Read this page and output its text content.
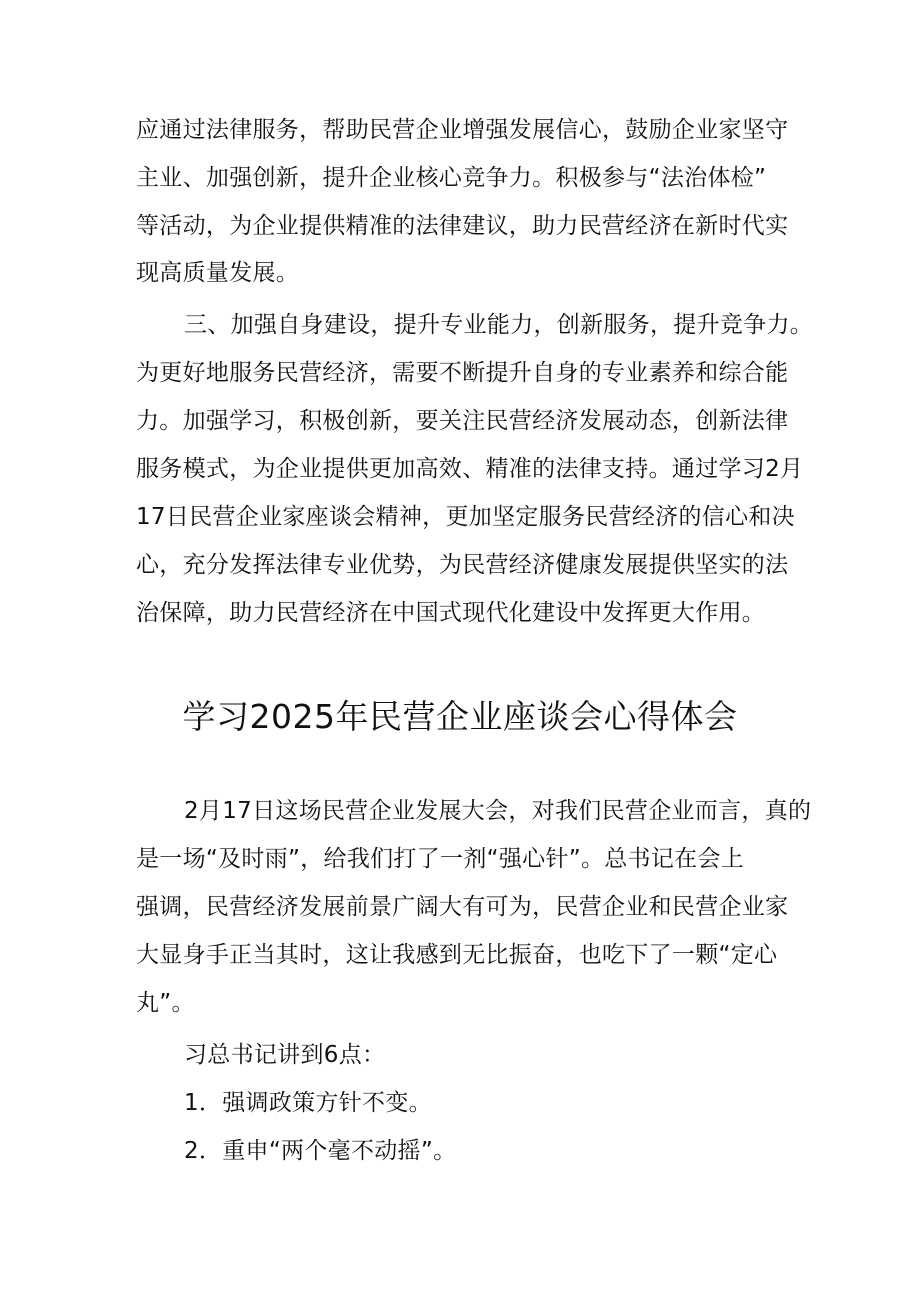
应通过法律服务，帮助民营企业增强发展信心，鼓励企业家坚守
主业、加强创新，提升企业核心竞争力。积极参与“法治体检”
等活动，为企业提供精准的法律建议，助力民营经济在新时代实
现高质量发展。
三、加强自身建设，提升专业能力，创新服务，提升竞争力。
为更好地服务民营经济，需要不断提升自身的专业素养和综合能
力。加强学习，积极创新，要关注民营经济发展动态，创新法律
服务模式，为企业提供更加高效、精准的法律支持。通过学习2月
17日民营企业家座谈会精神，更加坚定服务民营经济的信心和决
心，充分发挥法律专业优势，为民营经济健康发展提供坚实的法
治保障，助力民营经济在中国式现代化建设中发挥更大作用。
学习2025年民营企业座谈会心得体会
2月17日这场民营企业发展大会，对我们民营企业而言，真的
是一场“及时雨”，给我们打了一剂“强心针”。总书记在会上
强调，民营经济发展前景广阔大有可为，民营企业和民营企业家
大显身手正当其时，这让我感到无比振奋，也吃下了一颗“定心
丸”。
习总书记讲到6点：
1．强调政策方针不变。
2．重申“两个毫不动摇”。
